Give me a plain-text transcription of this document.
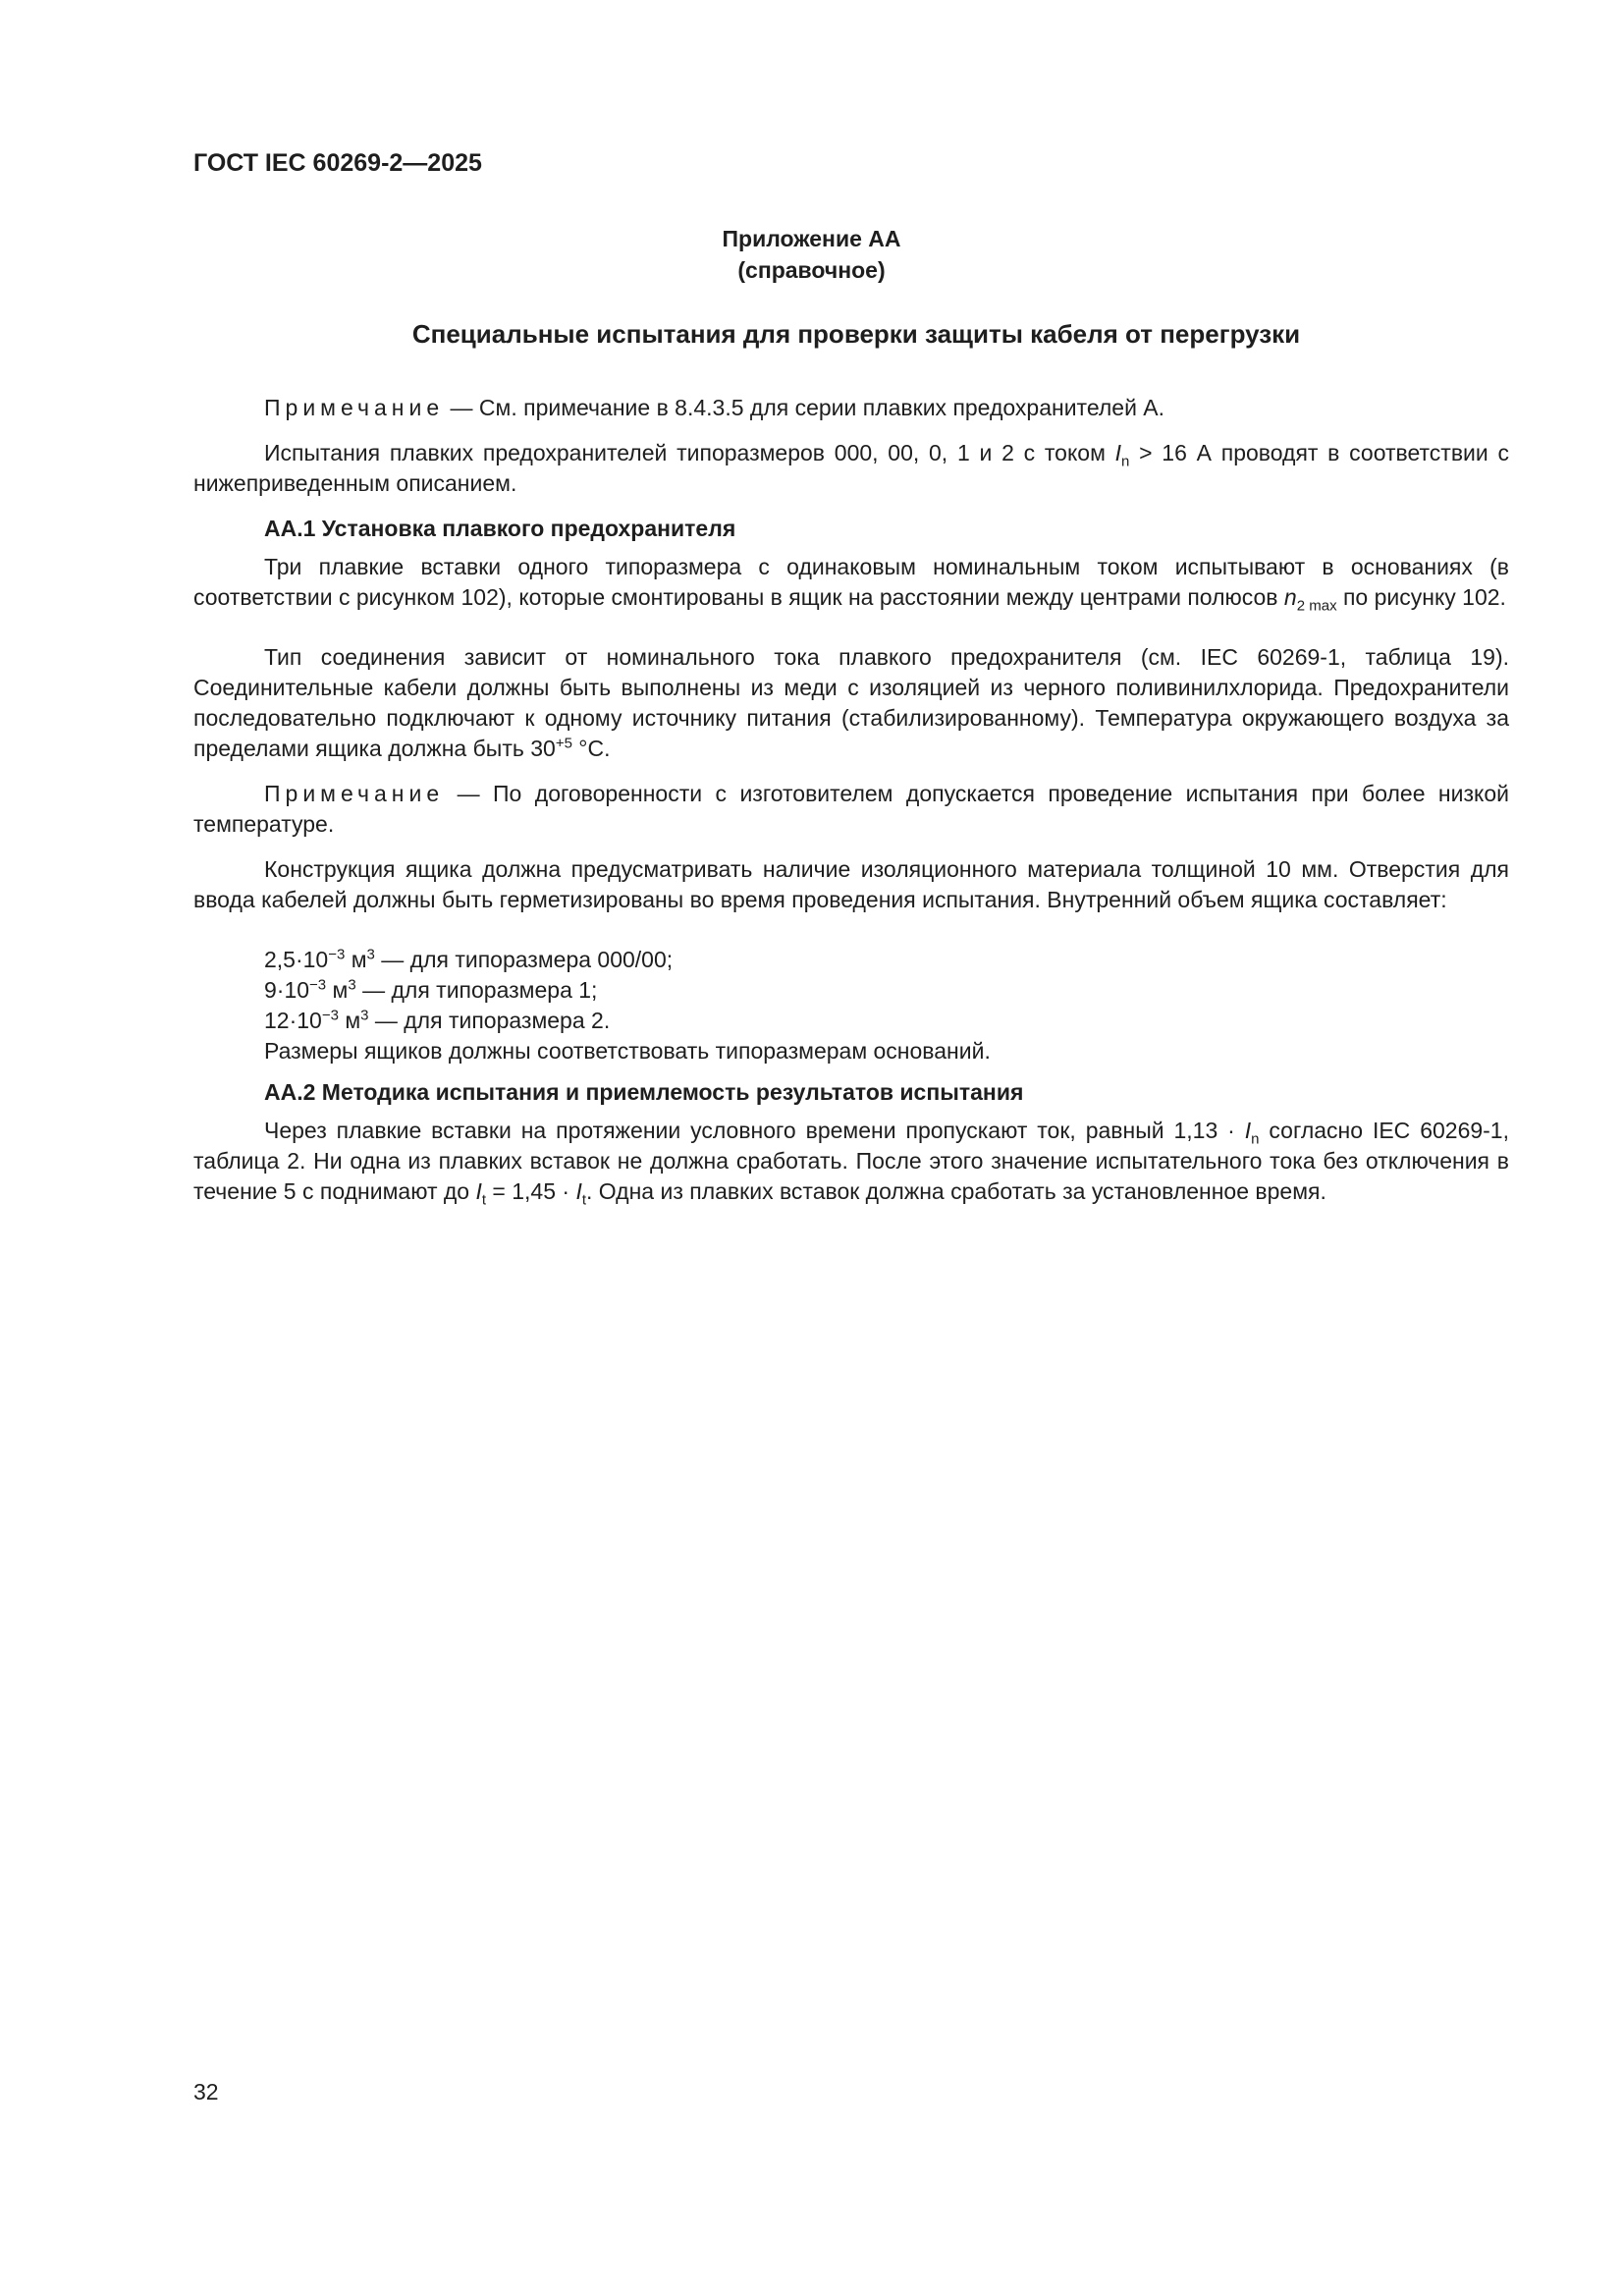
ГОСТ IEC 60269-2—2025
Приложение АА
(справочное)
Специальные испытания для проверки защиты кабеля от перегрузки

Примечание — См. примечание в 8.4.3.5 для серии плавких предохранителей А.

Испытания плавких предохранителей типоразмеров 000, 00, 0, 1 и 2 с током $I_n > 16$ А проводят в соответствии с нижеприведенным описанием.

АА.1 Установка плавкого предохранителя

Три плавкие вставки одного типоразмера с одинаковым номинальным током испытывают в основаниях (в соответствии с рисунком 102), которые смонтированы в ящик на расстоянии между центрами полюсов $n_{2 max}$ по рисунку 102.

Тип соединения зависит от номинального тока плавкого предохранителя (см. IEC 60269-1, таблица 19). Соединительные кабели должны быть выполнены из меди с изоляцией из черного поливинилхлорида. Предохранители последовательно подключают к одному источнику питания (стабилизированному). Температура окружающего воздуха за пределами ящика должна быть $30^{+5}$ °С.

Примечание — По договоренности с изготовителем допускается проведение испытания при более низкой температуре.

Конструкция ящика должна предусматривать наличие изоляционного материала толщиной 10 мм. Отверстия для ввода кабелей должны быть герметизированы во время проведения испытания. Внутренний объем ящика составляет:

$2,5\cdot 10^{-3}$ $м^3$ — для типоразмера 000/00;

$9\cdot 10^{-3}$ $м^3$ — для типоразмера 1;

$12\cdot 10^{-3}$ $м^3$ — для типоразмера 2.

Размеры ящиков должны соответствовать типоразмерам оснований.

АА.2 Методика испытания и приемлемость результатов испытания

Через плавкие вставки на протяжении условного времени пропускают ток, равный $1,13 \cdot I_n$ согласно IEC 60269-1, таблица 2. Ни одна из плавких вставок не должна сработать. После этого значение испытательного тока без отключения в течение 5 с поднимают до $I_t = 1,45 \cdot I_t$. Одна из плавких вставок должна сработать за установленное время.

32
